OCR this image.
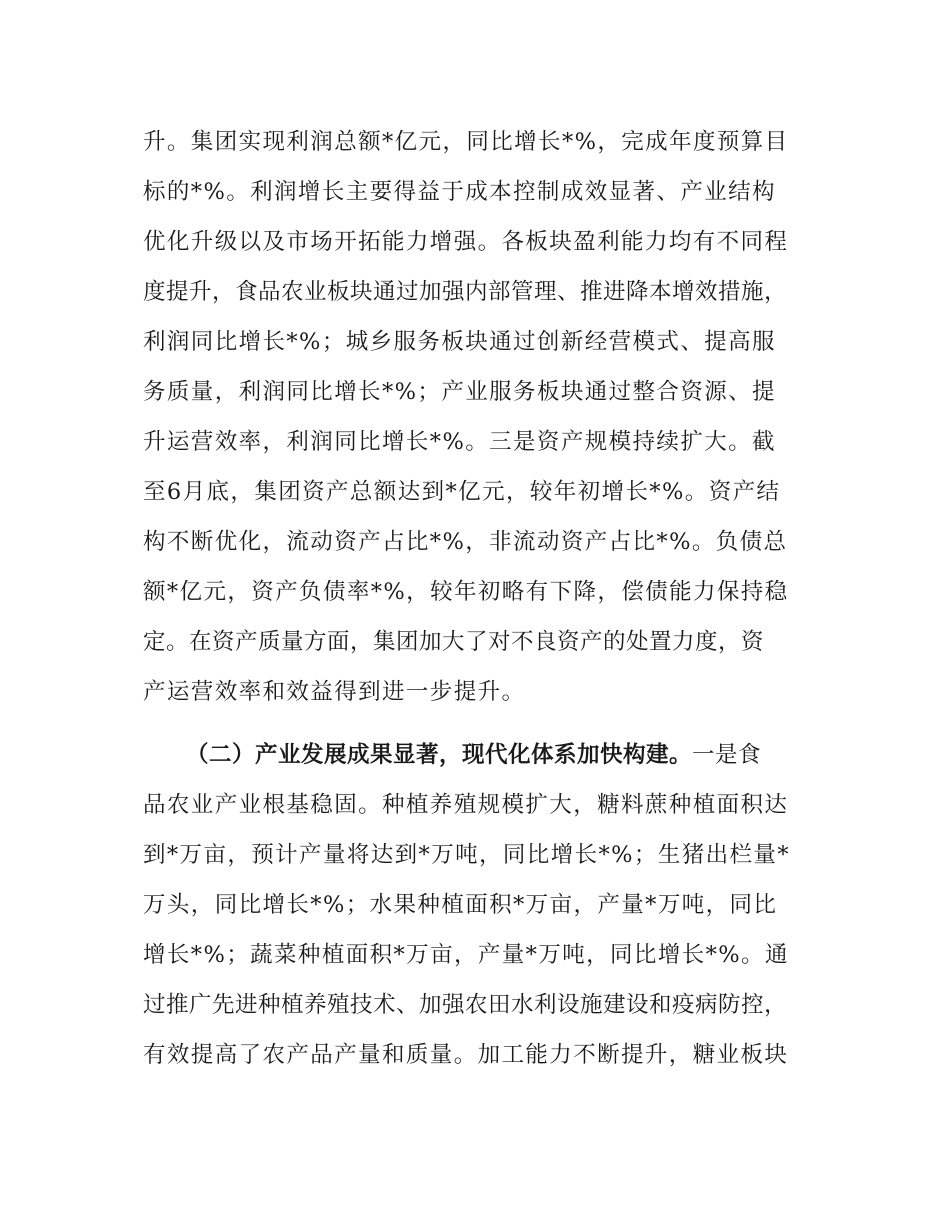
升。集团实现利润总额*亿元，同比增长*%，完成年度预算目
标的*%。利润增长主要得益于成本控制成效显著、产业结构
优化升级以及市场开拓能力增强。各板块盈利能力均有不同程
度提升，食品农业板块通过加强内部管理、推进降本增效措施，
利润同比增长*%；城乡服务板块通过创新经营模式、提高服
务质量，利润同比增长*%；产业服务板块通过整合资源、提
升运营效率，利润同比增长*%。三是资产规模持续扩大。截
至6月底，集团资产总额达到*亿元，较年初增长*%。资产结
构不断优化，流动资产占比*%，非流动资产占比*%。负债总
额*亿元，资产负债率*%，较年初略有下降，偿债能力保持稳
定。在资产质量方面，集团加大了对不良资产的处置力度，资
产运营效率和效益得到进一步提升。
（二）产业发展成果显著，现代化体系加快构建。一是食
品农业产业根基稳固。种植养殖规模扩大，糖料蔗种植面积达
到*万亩，预计产量将达到*万吨，同比增长*%；生猪出栏量*
万头，同比增长*%；水果种植面积*万亩，产量*万吨，同比
增长*%；蔬菜种植面积*万亩，产量*万吨，同比增长*%。通
过推广先进种植养殖技术、加强农田水利设施建设和疫病防控，
有效提高了农产品产量和质量。加工能力不断提升，糖业板块
